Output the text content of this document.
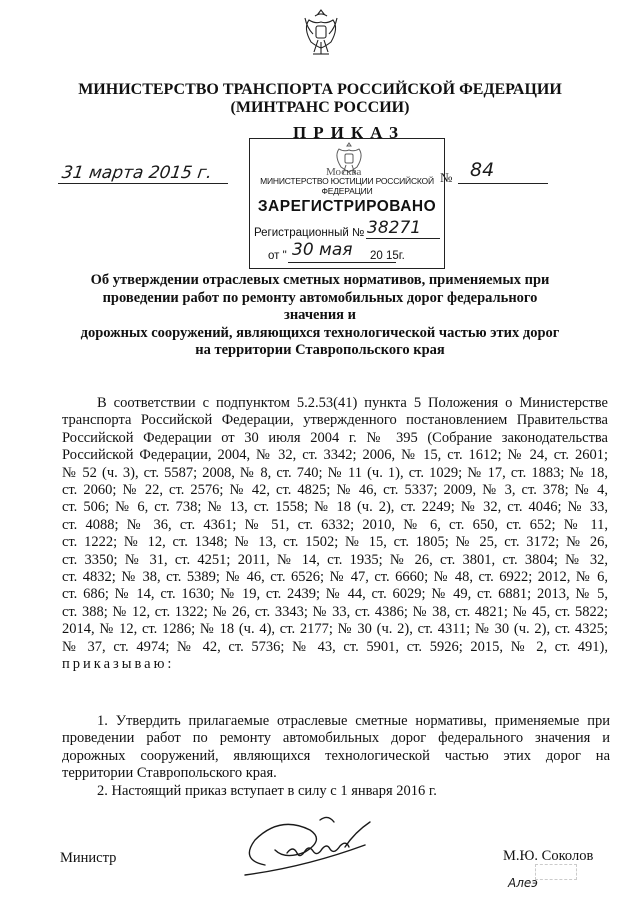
МИНИСТЕРСТВО ТРАНСПОРТА РОССИЙСКОЙ ФЕДЕРАЦИИ
(МИНТРАНС РОССИИ)
ПРИКАЗ
31 марта 2015 г.	Москва	№ 84
МИНИСТЕРСТВО ЮСТИЦИИ РОССИЙСКОЙ ФЕДЕРАЦИИ
ЗАРЕГИСТРИРОВАНО
Регистрационный № 38271
от " 30 мая 20 15г.
Об утверждении отраслевых сметных нормативов, применяемых при
проведении работ по ремонту автомобильных дорог федерального значения и
дорожных сооружений, являющихся технологической частью этих дорог
на территории Ставропольского края
В соответствии с подпунктом 5.2.53(41) пункта 5 Положения о Министерстве
транспорта Российской Федерации, утвержденного постановлением Правительства
Российской Федерации от 30 июля 2004 г. № 395 (Собрание законодательства
Российской Федерации, 2004, № 32, ст. 3342; 2006, № 15, ст. 1612; № 24, ст. 2601;
№ 52 (ч. 3), ст. 5587; 2008, № 8, ст. 740; № 11 (ч. 1), ст. 1029; № 17, ст. 1883; № 18,
ст. 2060; № 22, ст. 2576; № 42, ст. 4825; № 46, ст. 5337; 2009, № 3, ст. 378; № 4,
ст. 506; № 6, ст. 738; № 13, ст. 1558; № 18 (ч. 2), ст. 2249; № 32, ст. 4046; № 33,
ст. 4088; № 36, ст. 4361; № 51, ст. 6332; 2010, № 6, ст. 650, ст. 652; № 11,
ст. 1222; № 12, ст. 1348; № 13, ст. 1502; № 15, ст. 1805; № 25, ст. 3172; № 26,
ст. 3350; № 31, ст. 4251; 2011, № 14, ст. 1935; № 26, ст. 3801, ст. 3804; № 32,
ст. 4832; № 38, ст. 5389; № 46, ст. 6526; № 47, ст. 6660; № 48, ст. 6922; 2012, № 6,
ст. 686; № 14, ст. 1630; № 19, ст. 2439; № 44, ст. 6029; № 49, ст. 6881; 2013, № 5,
ст. 388; № 12, ст. 1322; № 26, ст. 3343; № 33, ст. 4386; № 38, ст. 4821; № 45, ст. 5822;
2014, № 12, ст. 1286; № 18 (ч. 4), ст. 2177; № 30 (ч. 2), ст. 4311; № 30 (ч. 2), ст. 4325;
№ 37, ст. 4974; № 42, ст. 5736; № 43, ст. 5901, ст. 5926; 2015, № 2, ст. 491),
приказываю:
1. Утвердить прилагаемые отраслевые сметные нормативы, применяемые при
проведении работ по ремонту автомобильных дорог федерального значения и
дорожных сооружений, являющихся технологической частью этих дорог на
территории Ставропольского края.
2. Настоящий приказ вступает в силу с 1 января 2016 г.
Министр	М.Ю. Соколов
Алеэ
